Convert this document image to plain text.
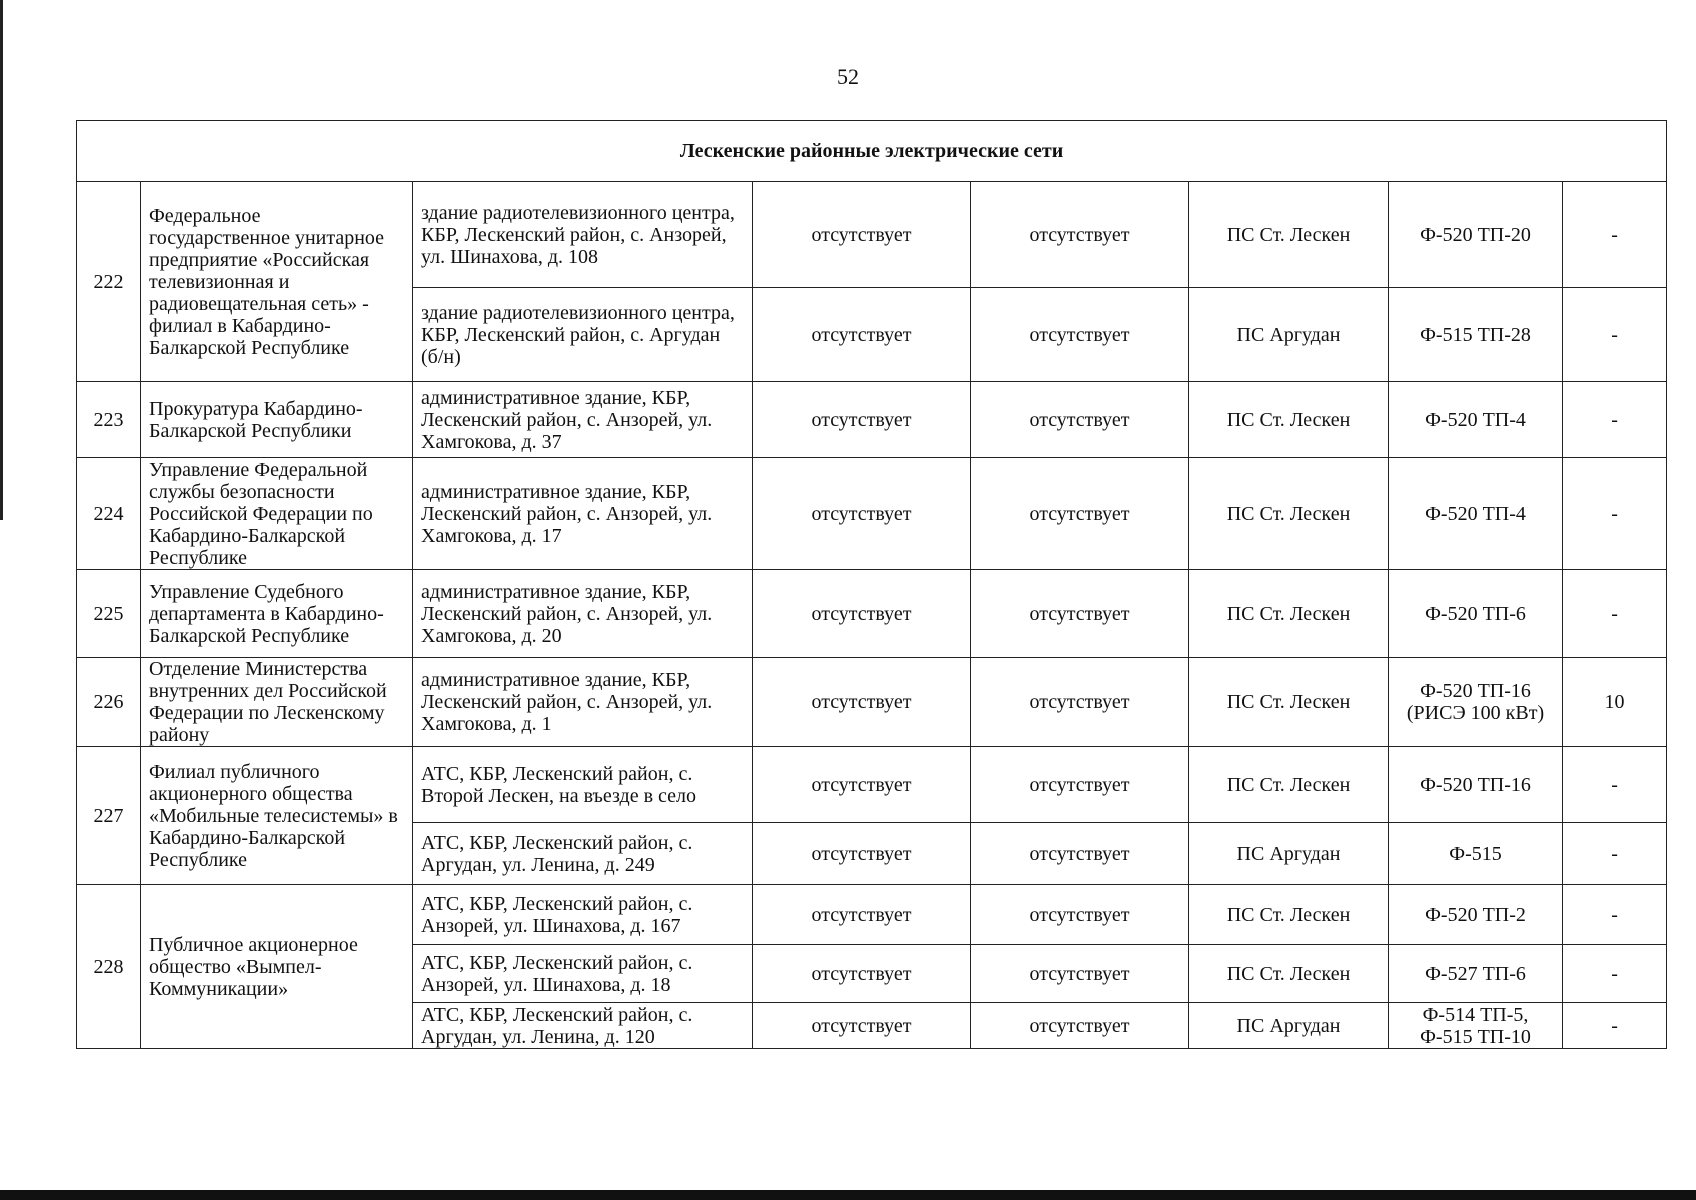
52
Лескенские районные электрические сети							
222	Федеральное государственное унитарное предприятие «Российская телевизионная и радиовещательная сеть» - филиал в Кабардино-Балкарской Республике	здание радиотелевизионного центра, КБР, Лескенский район, с. Анзорей, ул. Шинахова, д. 108	отсутствует	отсутствует	ПС Ст. Лескен	Ф-520 ТП-20	-
		здание радиотелевизионного центра, КБР, Лескенский район, с. Аргудан (б/н)	отсутствует	отсутствует	ПС Аргудан	Ф-515 ТП-28	-
223	Прокуратура Кабардино-Балкарской Республики	административное здание, КБР, Лескенский район, с. Анзорей, ул. Хамгокова, д. 37	отсутствует	отсутствует	ПС Ст. Лескен	Ф-520 ТП-4	-
224	Управление Федеральной службы безопасности Российской Федерации по Кабардино-Балкарской Республике	административное здание, КБР, Лескенский район, с. Анзорей, ул. Хамгокова, д. 17	отсутствует	отсутствует	ПС Ст. Лескен	Ф-520 ТП-4	-
225	Управление Судебного департамента в Кабардино-Балкарской Республике	административное здание, КБР, Лескенский район, с. Анзорей, ул. Хамгокова, д. 20	отсутствует	отсутствует	ПС Ст. Лескен	Ф-520 ТП-6	-
226	Отделение Министерства внутренних дел Российской Федерации по Лескенскому району	административное здание, КБР, Лескенский район, с. Анзорей, ул. Хамгокова, д. 1	отсутствует	отсутствует	ПС Ст. Лескен	Ф-520 ТП-16 (РИСЭ 100 кВт)	10
227	Филиал публичного акционерного общества «Мобильные телесистемы» в Кабардино-Балкарской Республике	АТС, КБР, Лескенский район, с. Второй Лескен, на въезде в село	отсутствует	отсутствует	ПС Ст. Лескен	Ф-520 ТП-16	-
		АТС, КБР, Лескенский район, с. Аргудан, ул. Ленина, д. 249	отсутствует	отсутствует	ПС Аргудан	Ф-515	-
228	Публичное акционерное общество «Вымпел-Коммуникации»	АТС, КБР, Лескенский район, с. Анзорей, ул. Шинахова, д. 167	отсутствует	отсутствует	ПС Ст. Лескен	Ф-520 ТП-2	-
		АТС, КБР, Лескенский район, с. Анзорей, ул. Шинахова, д. 18	отсутствует	отсутствует	ПС Ст. Лескен	Ф-527 ТП-6	-
		АТС, КБР, Лескенский район, с. Аргудан, ул. Ленина, д. 120	отсутствует	отсутствует	ПС Аргудан	Ф-514 ТП-5, Ф-515 ТП-10	-
